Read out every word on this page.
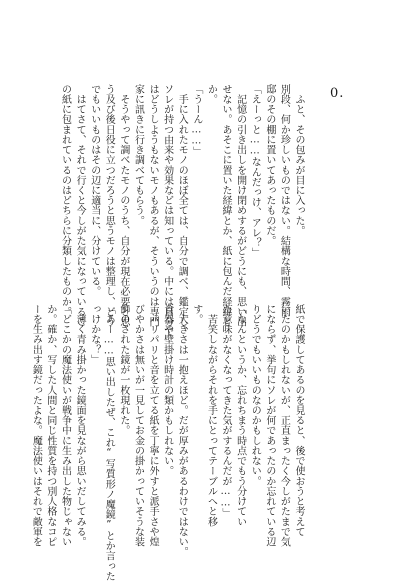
0.
　ふと、その包みが目に入った。
別段、何か珍しいものではない。結構な時間、霧雨
邸のその棚に置いてあったものだ。
「えーっと……なんだっけ、アレ？」
　記憶の引き出しを開け閉めするがどうにも、思い出
せない。あそこに置いた経緯とか、紙に包んだ経緯と
か。
「うーん……」
　手に入れたモノのほぼ全ては、自分で調べ、鑑定し、
ソレが持つ由来や効果などは知っている。中には自分で
はどうしようもないモノもあるが、そういうのは専門
家に訊きに行き調べてもらう。
　そうやって調べたモノのうち、自分が現在必要と思
う及び後日役に立つだろうと思うモノは整理し、どう
でもいいものはその辺に適当に、分けている。
　はてさて、それで行くと今しがた気になっているこ
の紙に包まれているのはどちらに分類したものか。
紙で保護してあるのを見ると、後で使おうと考えて
いたのかもしれないが、正直まったく今しがたまで気
にならず、挙句にソレが何であったのか忘れている辺
りどうでもいいものなのかもしれない。
「なんというか、忘れちまう時点でもう分けてい
た意味がなくなってきた気がするんだが……」
　苦笑しながらそれを手にとってテーブルへと移
す。
　大きさは一抱えほど。だが厚みがあるわけではない。
食器や壁掛け時計の類かもしれない。
　パリパリと音を立てる紙を丁寧に外すと派手さや煌
びやかさは無いが一見してお金の掛かっていそうな装
飾のされた鏡が一枚現れた。
「あー……思い出したぜ、これ“写質形ノ魔鏡”とか言った
っけかな？」
　薄く青み掛かった鏡面を見ながら思いだしてみる。
「どこかの魔法使いが戦争中に生み出した物じゃない
か。確か、写した人間と同じ性質を持つ別人格なコピ
ーを生み出す鏡だったよな。魔法使いはそれで敵軍を
